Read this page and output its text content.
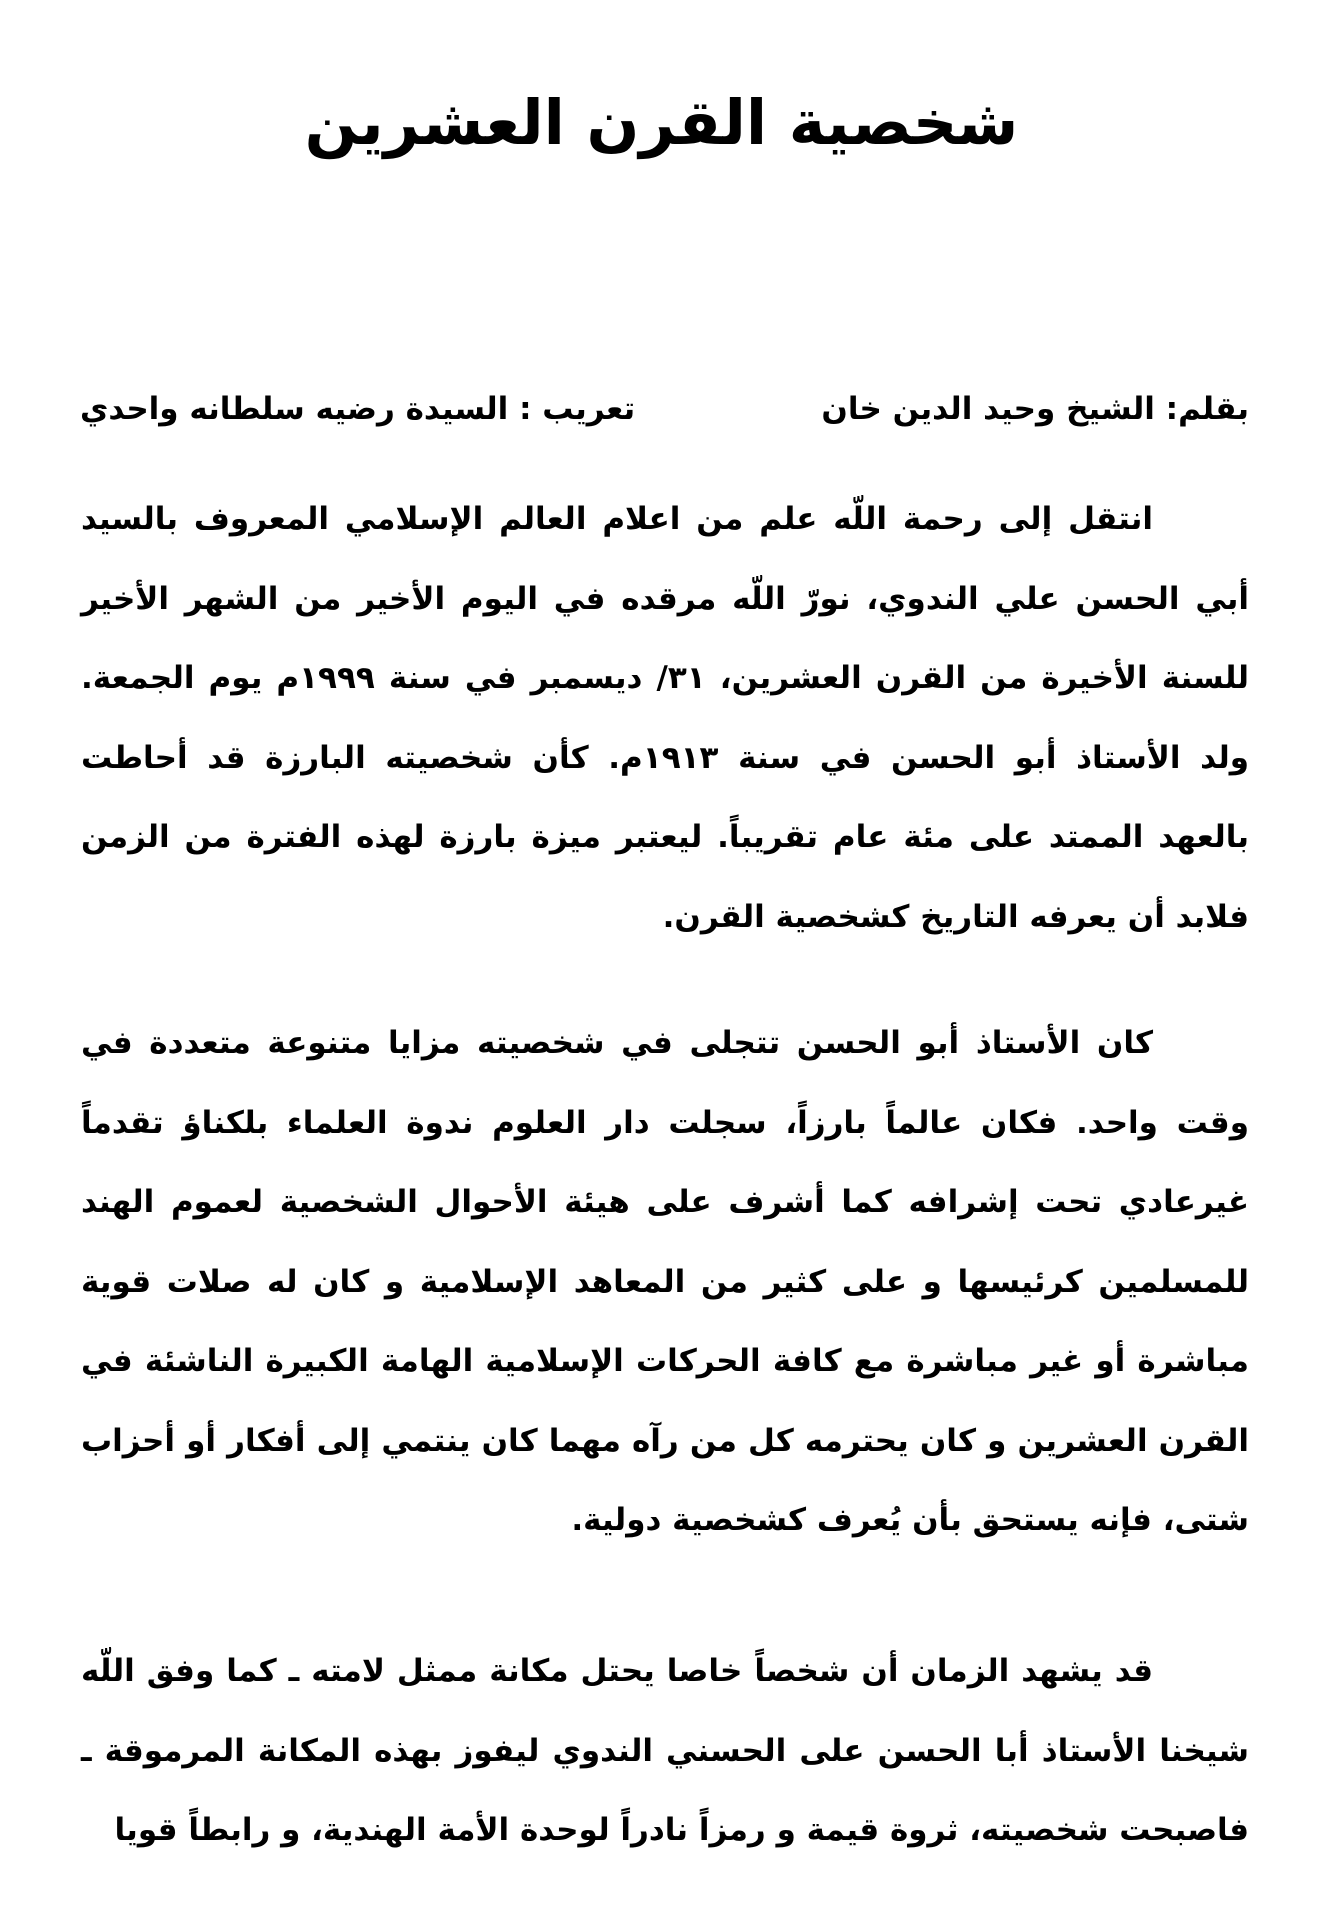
شخصية القرن العشرين
بقلم: الشيخ وحيد الدين خان
تعريب : السيدة رضيه سلطانه واحدي

انتقل إلى رحمة اللّه علم من اعلام العالم الإسلامي المعروف بالسيد أبي الحسن علي الندوي، نورّ اللّه مرقده في اليوم الأخير من الشهر الأخير للسنة الأخيرة من القرن العشرين، ٣١/ ديسمبر في سنة ١٩٩٩م يوم الجمعة. ولد الأستاذ أبو الحسن في سنة ١٩١٣م. كأن شخصيته البارزة قد أحاطت بالعهد الممتد على مئة عام تقريباً. ليعتبر ميزة بارزة لهذه الفترة من الزمن فلابد أن يعرفه التاريخ كشخصية القرن.

كان الأستاذ أبو الحسن تتجلى في شخصيته مزايا متنوعة متعددة في وقت واحد. فكان عالماً بارزاً، سجلت دار العلوم ندوة العلماء بلكناؤ تقدماً غيرعادي تحت إشرافه كما أشرف على هيئة الأحوال الشخصية لعموم الهند للمسلمين كرئيسها و على كثير من المعاهد الإسلامية و كان له صلات قوية مباشرة أو غير مباشرة مع كافة الحركات الإسلامية الهامة الكبيرة الناشئة في القرن العشرين و كان يحترمه كل من رآه مهما كان ينتمي إلى أفكار أو أحزاب شتى، فإنه يستحق بأن يُعرف كشخصية دولية.

قد يشهد الزمان أن شخصاً خاصا يحتل مكانة ممثل لامته ـ كما وفق اللّه شيخنا الأستاذ أبا الحسن على الحسني الندوي ليفوز بهذه المكانة المرموقة ـ فاصبحت شخصيته، ثروة قيمة و رمزاً نادراً لوحدة الأمة الهندية، و رابطاً قويا
